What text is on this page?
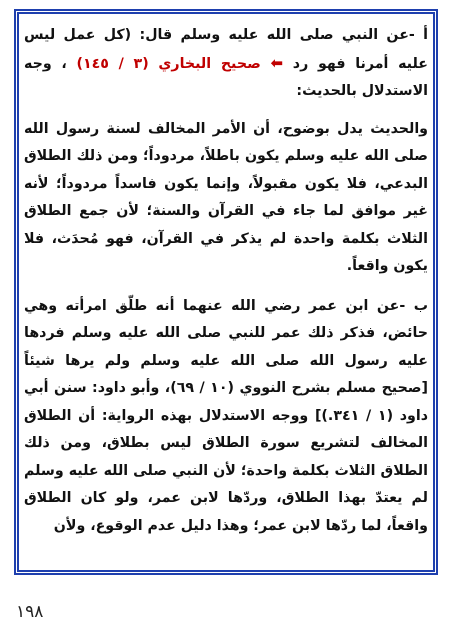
أ -عن النبي صلى الله عليه وسلم قال: (كل عمل ليس عليه أمرنا فهو رد ⬅ صحيح البخاري (٣ / ١٤٥) ، وجه الاستدلال بالحديث:

والحديث يدل بوضوح، أن الأمر المخالف لسنة رسول الله صلى الله عليه وسلم يكون باطلاً، مردوداً؛ ومن ذلك الطلاق البدعي، فلا يكون مقبولاً، وإنما يكون فاسداً مردوداً؛ لأنه غير موافق لما جاء في القرآن والسنة؛ لأن جمع الطلاق الثلاث بكلمة واحدة لم يذكر في القرآن، فهو مُحدَث، فلا يكون واقعاً.

ب -عن ابن عمر رضي الله عنهما أنه طلّق امرأته وهي حائض، فذكر ذلك عمر للنبي صلى الله عليه وسلم فردها عليه رسول الله صلى الله عليه وسلم ولم يرها شيئاً [صحيح مسلم بشرح النووي (١٠ / ٦٩)، وأبو داود: سنن أبي داود (١ / ٣٤١.)] ووجه الاستدلال بهذه الرواية: أن الطلاق المخالف لتشريع سورة الطلاق ليس بطلاق، ومن ذلك الطلاق الثلاث بكلمة واحدة؛ لأن النبي صلى الله عليه وسلم لم يعتدّ بهذا الطلاق، وردّها لابن عمر، ولو كان الطلاق واقعاً، لما ردّها لابن عمر؛ وهذا دليل عدم الوقوع، ولأن

١٩٨
